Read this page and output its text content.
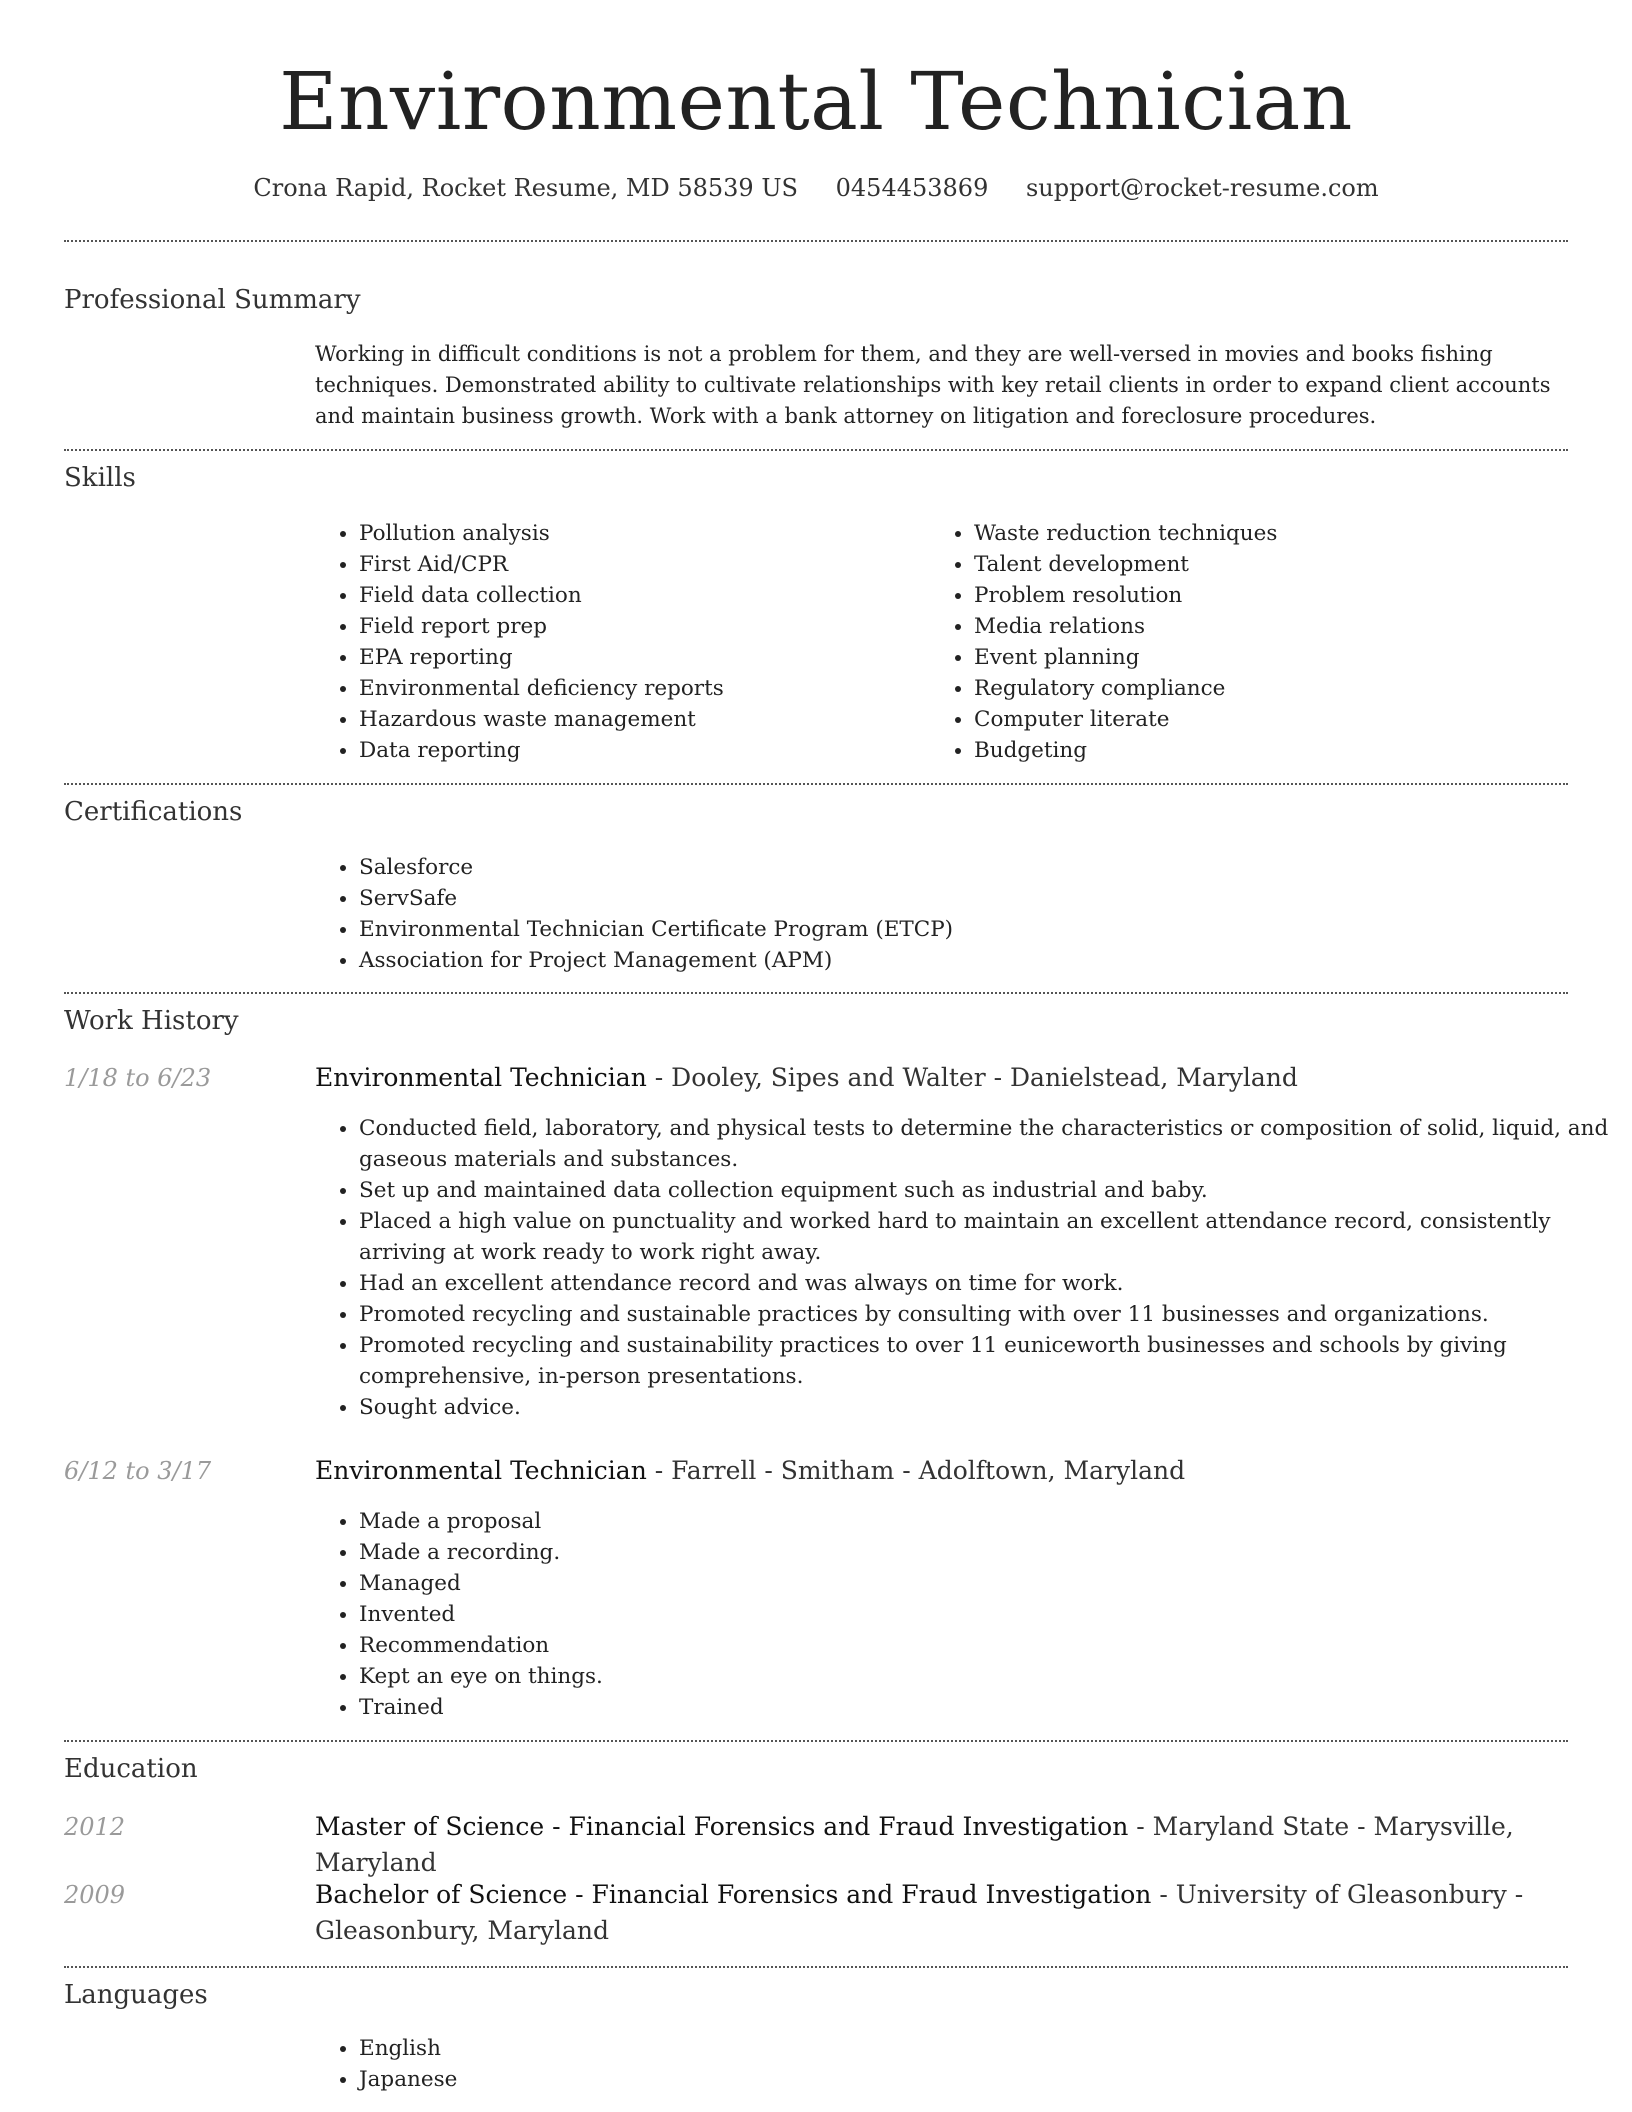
Environmental Technician
Crona Rapid, Rocket Resume, MD 58539 US 0454453869 support@rocket-resume.com
Professional Summary

Working in difficult conditions is not a problem for them, and they are well-versed in movies and books fishing techniques. Demonstrated ability to cultivate relationships with key retail clients in order to expand client accounts and maintain business growth. Work with a bank attorney on litigation and foreclosure procedures.

Skills
• Pollution analysis
• First Aid/CPR
• Field data collection
• Field report prep
• EPA reporting
• Environmental deficiency reports
• Hazardous waste management
• Data reporting
• Waste reduction techniques
• Talent development
• Problem resolution
• Media relations
• Event planning
• Regulatory compliance
• Computer literate
• Budgeting
Certifications
• Salesforce
• ServSafe
• Environmental Technician Certificate Program (ETCP)
• Association for Project Management (APM)
Work History
1/18 to 6/23	Environmental Technician - Dooley, Sipes and Walter - Danielstead, Maryland
• Conducted field, laboratory, and physical tests to determine the characteristics or composition of solid, liquid, and gaseous materials and substances.
• Set up and maintained data collection equipment such as industrial and baby.
• Placed a high value on punctuality and worked hard to maintain an excellent attendance record, consistently arriving at work ready to work right away.
• Had an excellent attendance record and was always on time for work.
• Promoted recycling and sustainable practices by consulting with over 11 businesses and organizations.
• Promoted recycling and sustainability practices to over 11 euniceworth businesses and schools by giving comprehensive, in-person presentations.
• Sought advice.
6/12 to 3/17	Environmental Technician - Farrell - Smitham - Adolftown, Maryland
• Made a proposal
• Made a recording.
• Managed
• Invented
• Recommendation
• Kept an eye on things.
• Trained
Education
2012	Master of Science - Financial Forensics and Fraud Investigation - Maryland State - Marysville, Maryland
2009	Bachelor of Science - Financial Forensics and Fraud Investigation - University of Gleasonbury - Gleasonbury, Maryland
Languages
• English
• Japanese
